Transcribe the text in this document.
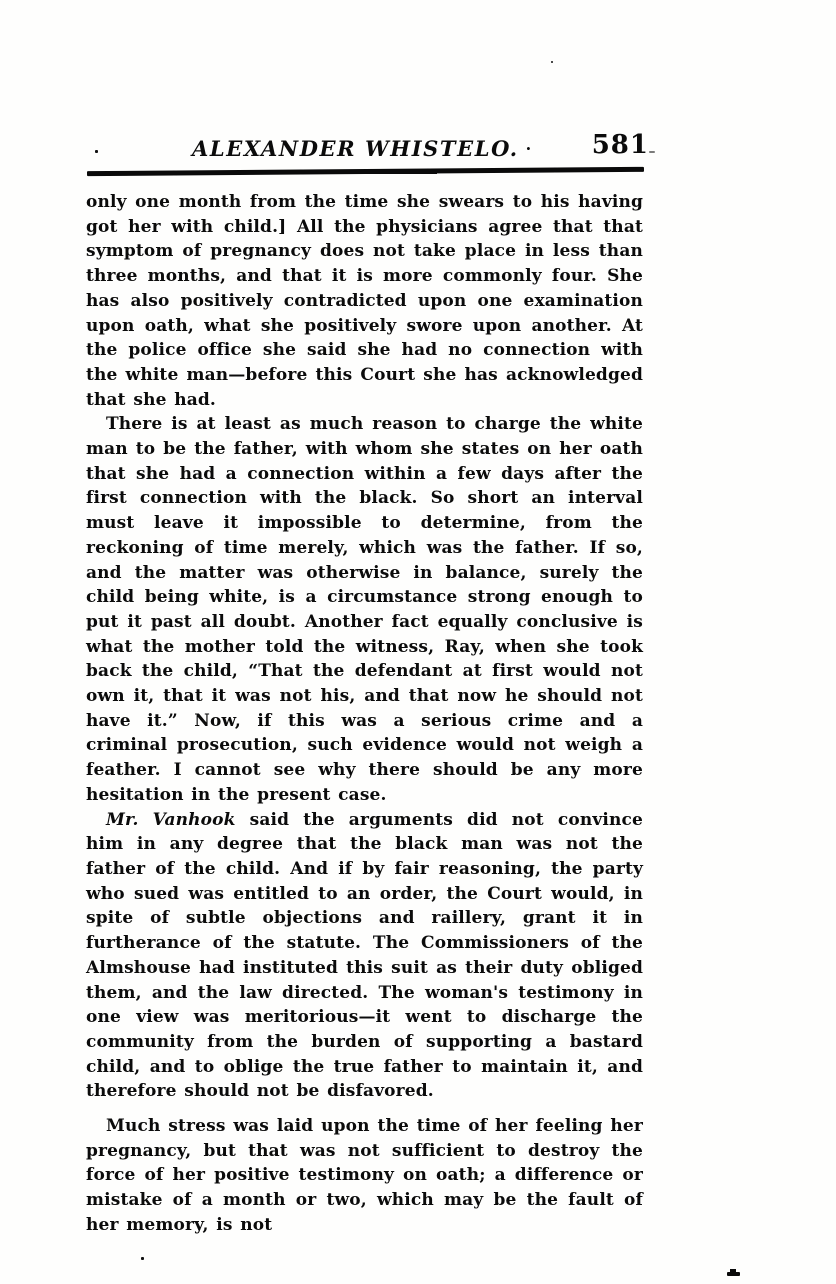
ALEXANDER WHISTELO. · 581

only one month from the time she swears to his having got her with child.] All the physicians agree that that symptom of pregnancy does not take place in less than three months, and that it is more commonly four. She has also positively contradicted upon one examination upon oath, what she positively swore upon another. At the police office she said she had no connection with the white man—before this Court she has acknowledged that she had.

There is at least as much reason to charge the white man to be the father, with whom she states on her oath that she had a connection within a few days after the first connection with the black. So short an interval must leave it impossible to determine, from the reckoning of time merely, which was the father. If so, and the matter was otherwise in balance, surely the child being white, is a circumstance strong enough to put it past all doubt. Another fact equally conclusive is what the mother told the witness, Ray, when she took back the child, “That the defendant at first would not own it, that it was not his, and that now he should not have it.” Now, if this was a serious crime and a criminal prosecution, such evidence would not weigh a feather. I cannot see why there should be any more hesitation in the present case.

Mr. Vanhook said the arguments did not convince him in any degree that the black man was not the father of the child. And if by fair reasoning, the party who sued was entitled to an order, the Court would, in spite of subtle objections and raillery, grant it in furtherance of the statute. The Commissioners of the Almshouse had instituted this suit as their duty obliged them, and the law directed. The woman's testimony in one view was meritorious—it went to discharge the community from the burden of supporting a bastard child, and to oblige the true father to maintain it, and therefore should not be disfavored.

Much stress was laid upon the time of her feeling her pregnancy, but that was not sufficient to destroy the force of her positive testimony on oath; a difference or mistake of a month or two, which may be the fault of her memory, is not
